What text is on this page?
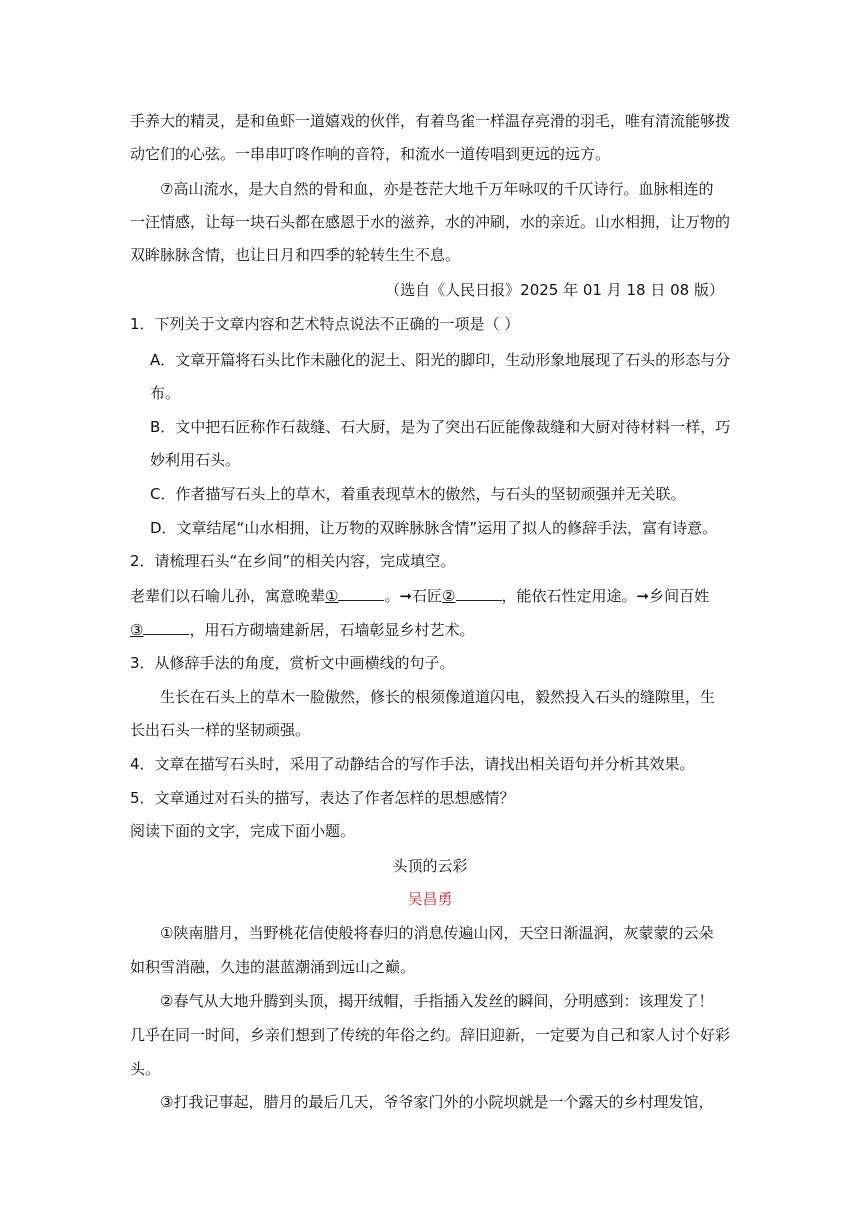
手养大的精灵，是和鱼虾一道嬉戏的伙伴，有着鸟雀一样温存亮滑的羽毛，唯有清流能够拨
动它们的心弦。一串串叮咚作响的音符，和流水一道传唱到更远的远方。
⑦高山流水，是大自然的骨和血，亦是苍茫大地千万年咏叹的千仄诗行。血脉相连的
一汪情感，让每一块石头都在感恩于水的滋养，水的冲刷，水的亲近。山水相拥，让万物的
双眸脉脉含情，也让日月和四季的轮转生生不息。
（选自《人民日报》2025 年 01 月 18 日 08 版）
1．下列关于文章内容和艺术特点说法不正确的一项是（ ）
A．文章开篇将石头比作未融化的泥土、阳光的脚印，生动形象地展现了石头的形态与分
布。
B．文中把石匠称作石裁缝、石大厨，是为了突出石匠能像裁缝和大厨对待材料一样，巧
妙利用石头。
C．作者描写石头上的草木，着重表现草木的傲然，与石头的坚韧顽强并无关联。
D．文章结尾“山水相拥，让万物的双眸脉脉含情”运用了拟人的修辞手法，富有诗意。
2．请梳理石头“在乡间”的相关内容，完成填空。
老辈们以石喻儿孙，寓意晚辈①	。➞石匠②	，能依石性定用途。➞乡间百姓
③	，用石方砌墙建新居，石墙彰显乡村艺术。
3．从修辞手法的角度，赏析文中画横线的句子。
生长在石头上的草木一脸傲然，修长的根须像道道闪电，毅然投入石头的缝隙里，生
长出石头一样的坚韧顽强。
4．文章在描写石头时，采用了动静结合的写作手法，请找出相关语句并分析其效果。
5．文章通过对石头的描写，表达了作者怎样的思想感情？
阅读下面的文字，完成下面小题。
头顶的云彩
吴昌勇
①陕南腊月，当野桃花信使般将春归的消息传遍山冈，天空日渐温润，灰蒙蒙的云朵
如积雪消融，久违的湛蓝潮涌到远山之巅。
②春气从大地升腾到头顶，揭开绒帽，手指插入发丝的瞬间，分明感到：该理发了！
几乎在同一时间，乡亲们想到了传统的年俗之约。辞旧迎新，一定要为自己和家人讨个好彩
头。
③打我记事起，腊月的最后几天，爷爷家门外的小院坝就是一个露天的乡村理发馆，
